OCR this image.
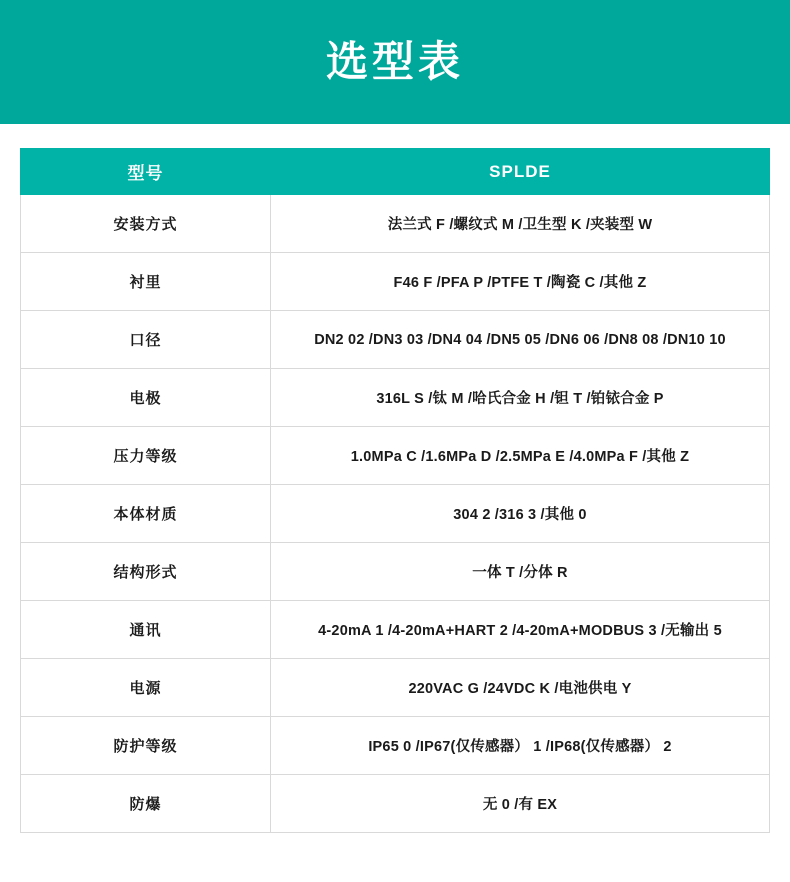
选型表
型号	SPLDE
安装方式	法兰式 F /螺纹式 M /卫生型 K /夹装型 W
衬里	F46 F /PFA P /PTFE T /陶瓷 C /其他 Z
口径	DN2 02 /DN3 03 /DN4 04 /DN5 05 /DN6 06 /DN8 08 /DN10 10
电极	316L S /钛 M /哈氏合金 H /钽 T /铂铱合金 P
压力等级	1.0MPa C /1.6MPa D /2.5MPa E /4.0MPa F /其他 Z
本体材质	304 2 /316 3 /其他 0
结构形式	一体 T /分体 R
通讯	4-20mA 1 /4-20mA+HART 2 /4-20mA+MODBUS 3 /无输出 5
电源	220VAC G /24VDC K /电池供电 Y
防护等级	IP65 0 /IP67(仅传感器） 1 /IP68(仅传感器） 2
防爆	无 0 /有 EX
